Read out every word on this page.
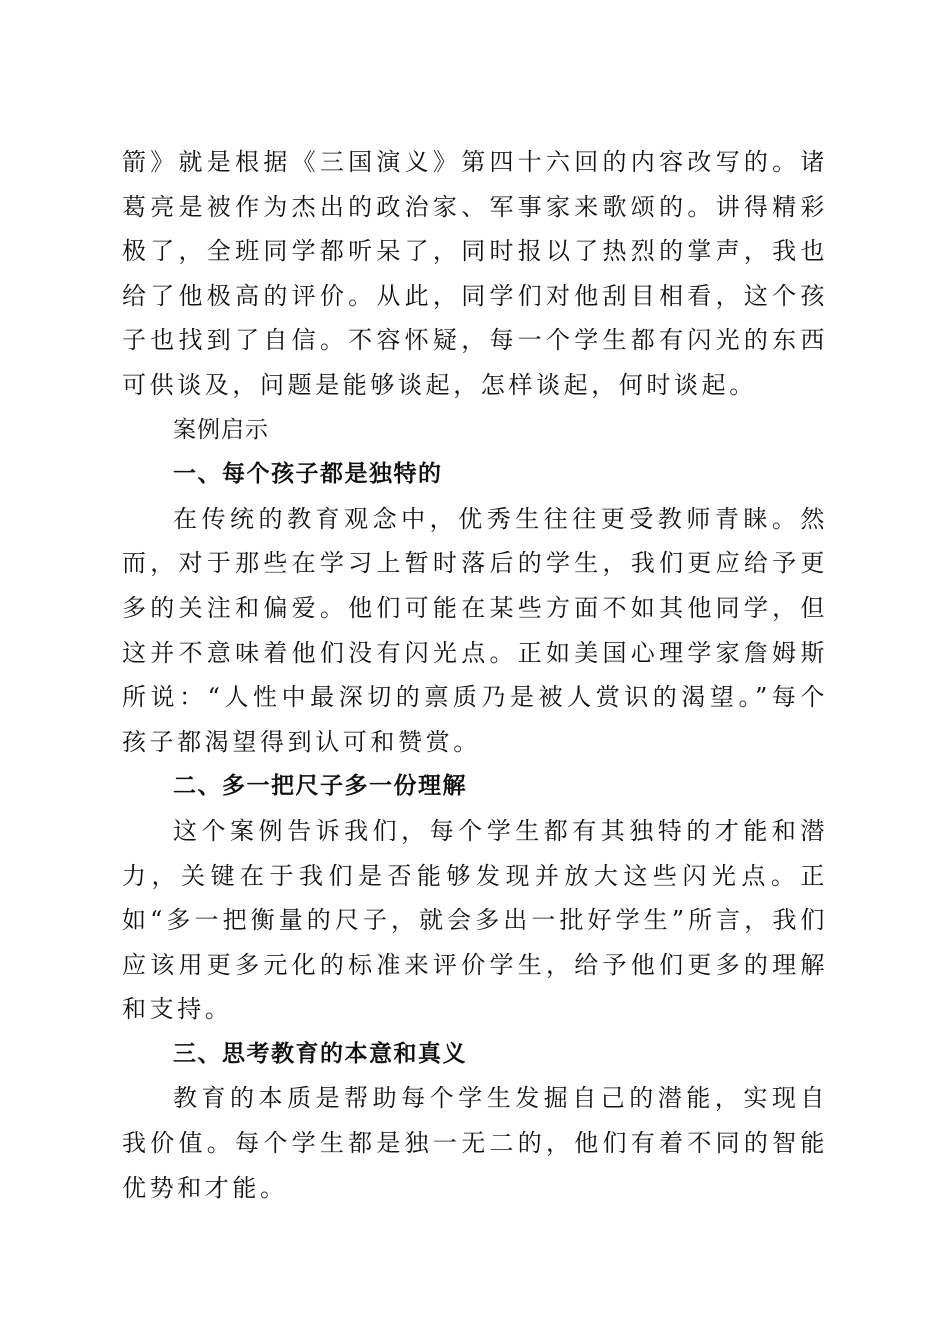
箭》就是根据《三国演义》第四十六回的内容改写的。诸葛亮是被作为杰出的政治家、军事家来歌颂的。讲得精彩极了，全班同学都听呆了，同时报以了热烈的掌声，我也给了他极高的评价。从此，同学们对他刮目相看，这个孩子也找到了自信。不容怀疑，每一个学生都有闪光的东西可供谈及，问题是能够谈起，怎样谈起，何时谈起。

案例启示

一、每个孩子都是独特的

在传统的教育观念中，优秀生往往更受教师青睐。然而，对于那些在学习上暂时落后的学生，我们更应给予更多的关注和偏爱。他们可能在某些方面不如其他同学，但这并不意味着他们没有闪光点。正如美国心理学家詹姆斯所说：“人性中最深切的禀质乃是被人赏识的渴望。”每个孩子都渴望得到认可和赞赏。

二、多一把尺子多一份理解

这个案例告诉我们，每个学生都有其独特的才能和潜力，关键在于我们是否能够发现并放大这些闪光点。正如“多一把衡量的尺子，就会多出一批好学生”所言，我们应该用更多元化的标准来评价学生，给予他们更多的理解和支持。

三、思考教育的本意和真义

教育的本质是帮助每个学生发掘自己的潜能，实现自我价值。每个学生都是独一无二的，他们有着不同的智能优势和才能。
